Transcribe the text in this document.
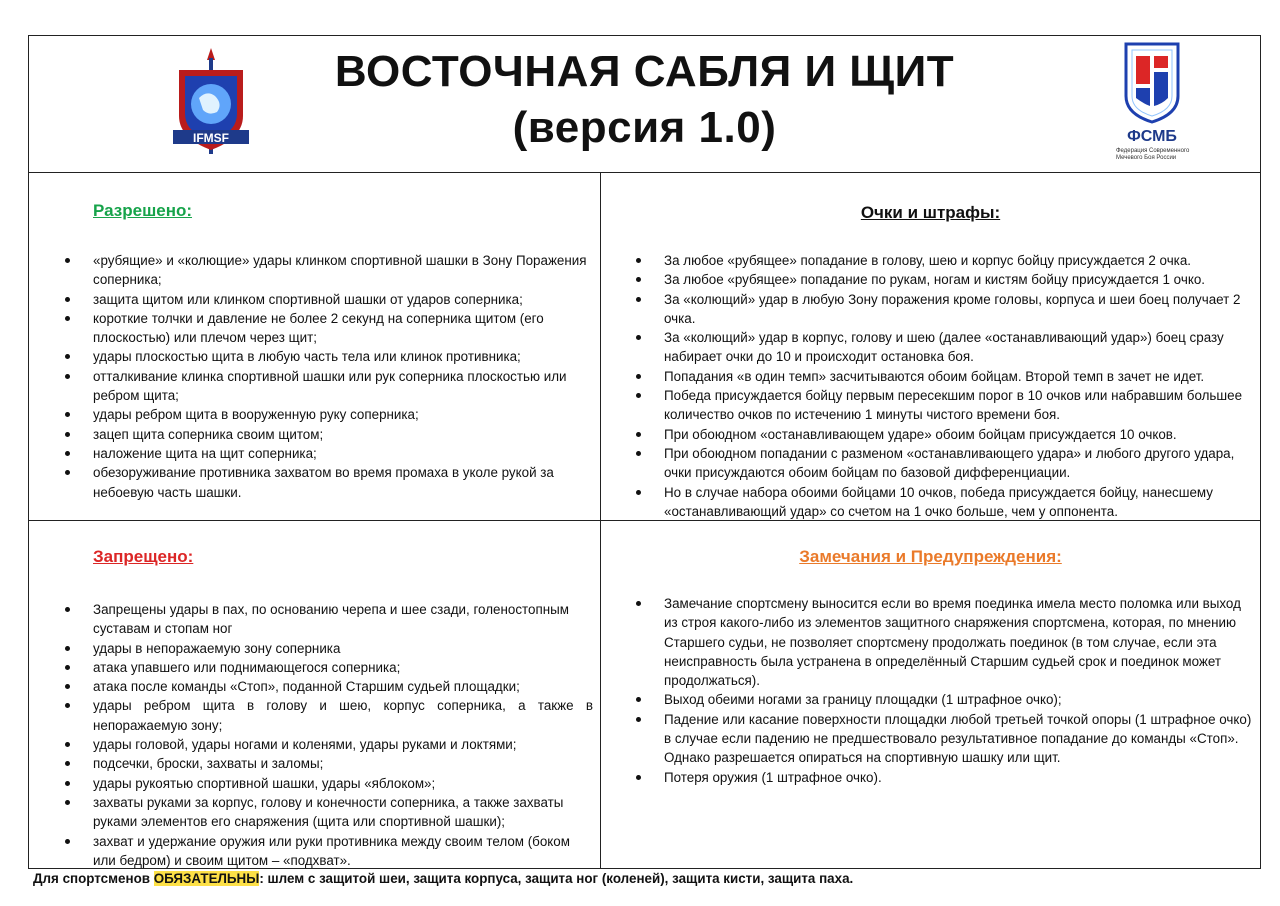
IFMSF
ВОСТОЧНАЯ САБЛЯ И ЩИТ
(версия 1.0)	ФСМБ
Федерация Современного Мечевого Боя России
Разрешено:
«рубящие» и «колющие» удары клинком спортивной шашки в Зону Поражения соперника;
защита щитом или клинком спортивной шашки от ударов соперника;
короткие толчки и давление не более 2 секунд на соперника щитом (его плоскостью) или плечом через щит;
удары плоскостью щита в любую часть тела или клинок противника;
отталкивание клинка спортивной шашки или рук соперника плоскостью или ребром щита;
удары ребром щита в вооруженную руку соперника;
зацеп щита соперника своим щитом;
наложение щита на щит соперника;
обезоруживание противника захватом во время промаха в уколе рукой за небоевую часть шашки.
Очки и штрафы:
За любое «рубящее» попадание в голову, шею и корпус бойцу присуждается 2 очка.
За любое «рубящее» попадание по рукам, ногам и кистям бойцу присуждается 1 очко.
За «колющий» удар в любую Зону поражения кроме головы, корпуса и шеи боец получает 2 очка.
За «колющий» удар в корпус, голову и шею (далее «останавливающий удар») боец сразу набирает очки до 10 и происходит остановка боя.
Попадания «в один темп» засчитываются обоим бойцам. Второй темп в зачет не идет.
Победа присуждается бойцу первым пересекшим порог в 10 очков или набравшим большее количество очков по истечению 1 минуты чистого времени боя.
При обоюдном «останавливающем ударе» обоим бойцам присуждается 10 очков.
При обоюдном попадании с разменом «останавливающего удара» и любого другого удара, очки присуждаются обоим бойцам по базовой дифференциации.
Но в случае набора обоими бойцами 10 очков, победа присуждается бойцу, нанесшему «останавливающий удар» со счетом на 1 очко больше, чем у оппонента.
Запрещено:
Запрещены удары в пах, по основанию черепа и шее сзади, голеностопным суставам и стопам ног
удары в непоражаемую зону соперника
атака упавшего или поднимающегося соперника;
атака после команды «Стоп», поданной Старшим судьей площадки;
удары ребром щита в голову и шею, корпус соперника, а также в непоражаемую зону;
удары головой, удары ногами и коленями, удары руками и локтями;
подсечки, броски, захваты и заломы;
удары рукоятью спортивной шашки, удары «яблоком»;
захваты руками за корпус, голову и конечности соперника, а также захваты руками элементов его снаряжения (щита или спортивной шашки);
захват и удержание оружия или руки противника между своим телом (боком или бедром) и своим щитом – «подхват».
Замечания и Предупреждения:
Замечание спортсмену выносится если во время поединка имела место поломка или выход из строя какого-либо из элементов защитного снаряжения спортсмена, которая, по мнению Старшего судьи, не позволяет спортсмену продолжать поединок (в том случае, если эта неисправность была устранена в определённый Старшим судьей срок и поединок может продолжаться).
Выход обеими ногами за границу площадки (1 штрафное очко);
Падение или касание поверхности площадки любой третьей точкой опоры (1 штрафное очко) в случае если падению не предшествовало результативное попадание до команды «Стоп». Однако разрешается опираться на спортивную шашку или щит.
Потеря оружия (1 штрафное очко).
Для спортсменов ОБЯЗАТЕЛЬНЫ: шлем с защитой шеи, защита корпуса, защита ног (коленей), защита кисти, защита паха.
